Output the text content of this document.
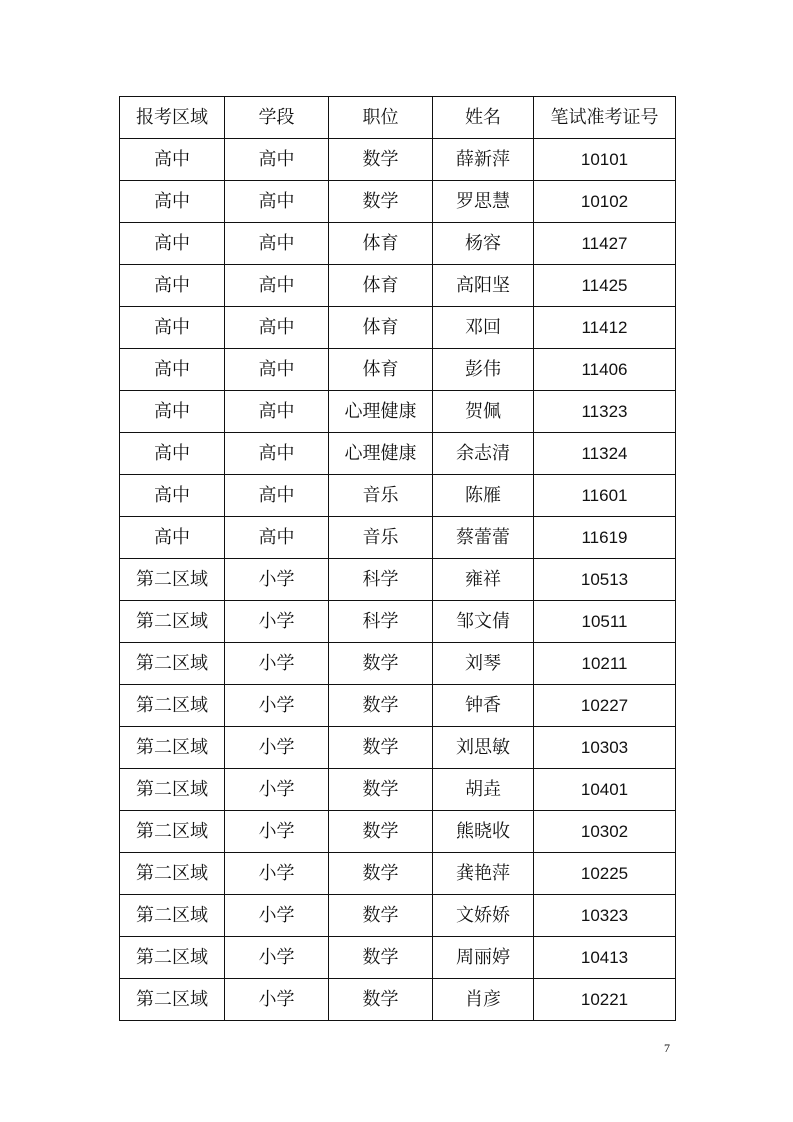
报考区域	学段	职位	姓名	笔试准考证号
高中	高中	数学	薛新萍	10101
高中	高中	数学	罗思慧	10102
高中	高中	体育	杨容	11427
高中	高中	体育	高阳坚	11425
高中	高中	体育	邓回	11412
高中	高中	体育	彭伟	11406
高中	高中	心理健康	贺佩	11323
高中	高中	心理健康	余志清	11324
高中	高中	音乐	陈雁	11601
高中	高中	音乐	蔡蕾蕾	11619
第二区域	小学	科学	雍祥	10513
第二区域	小学	科学	邹文倩	10511
第二区域	小学	数学	刘琴	10211
第二区域	小学	数学	钟香	10227
第二区域	小学	数学	刘思敏	10303
第二区域	小学	数学	胡垚	10401
第二区域	小学	数学	熊晓收	10302
第二区域	小学	数学	龚艳萍	10225
第二区域	小学	数学	文娇娇	10323
第二区域	小学	数学	周丽婷	10413
第二区域	小学	数学	肖彦	10221
7
